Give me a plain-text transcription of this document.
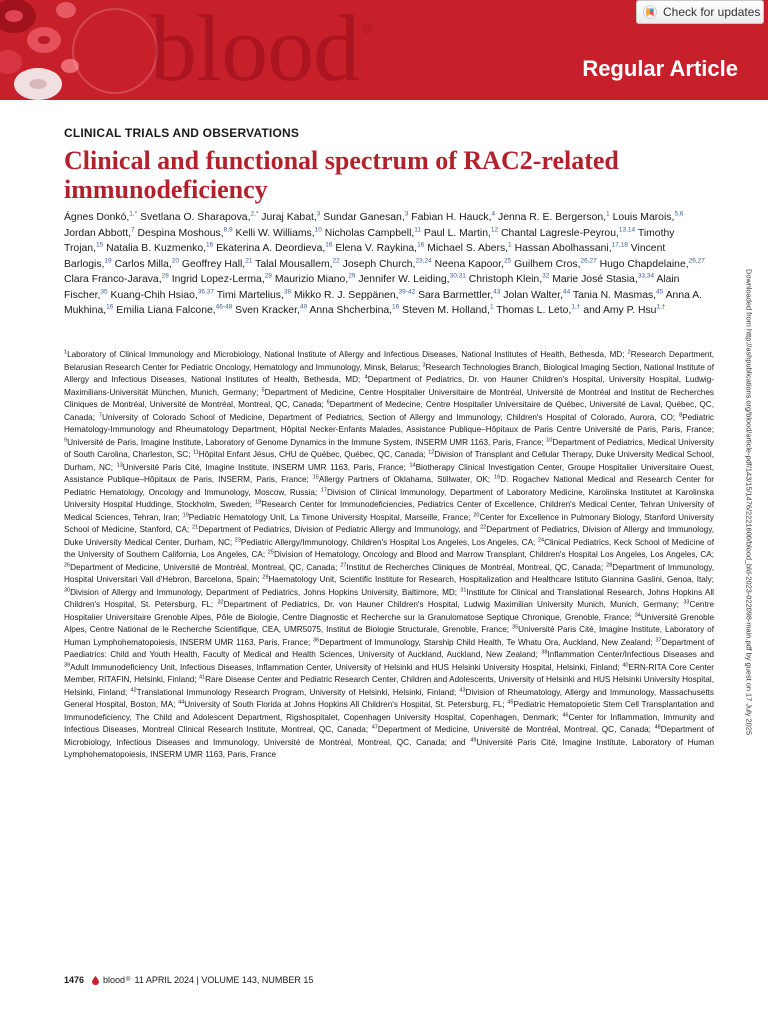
blood ®
Regular Article
Check for updates
CLINICAL TRIALS AND OBSERVATIONS
Clinical and functional spectrum of RAC2-related immunodeficiency
Ágnes Donkó,$^{1,*}$ Svetlana O. Sharapova,$^{2,*}$ Juraj Kabat,$^3$ Sundar Ganesan,$^3$ Fabian H. Hauck,$^4$ Jenna R. E. Bergerson,$^1$ Louis Marois,$^{5,6}$ Jordan Abbott,$^7$ Despina Moshous,$^{8,9}$ Kelli W. Williams,$^{10}$ Nicholas Campbell,$^{11}$ Paul L. Martin,$^{12}$ Chantal Lagresle-Peyrou,$^{13,14}$ Timothy Trojan,$^{15}$ Natalia B. Kuzmenko,$^{16}$ Ekaterina A. Deordieva,$^{16}$ Elena V. Raykina,$^{16}$ Michael S. Abers,$^1$ Hassan Abolhassani,$^{17,18}$ Vincent Barlogis,$^{19}$ Carlos Milla,$^{20}$ Geoffrey Hall,$^{21}$ Talal Mousallem,$^{22}$ Joseph Church,$^{23,24}$ Neena Kapoor,$^{25}$ Guilhem Cros,$^{26,27}$ Hugo Chapdelaine,$^{26,27}$ Clara Franco-Jarava,$^{28}$ Ingrid Lopez-Lerma,$^{28}$ Maurizio Miano,$^{29}$ Jennifer W. Leiding,$^{30,31}$ Christoph Klein,$^{32}$ Marie José Stasia,$^{33,34}$ Alain Fischer,$^{35}$ Kuang-Chih Hsiao,$^{36,37}$ Timi Martelius,$^{38}$ Mikko R. J. Seppänen,$^{39-42}$ Sara Barmettler,$^{43}$ Jolan Walter,$^{44}$ Tania N. Masmas,$^{45}$ Anna A. Mukhina,$^{16}$ Emilia Liana Falcone,$^{46-48}$ Sven Kracker,$^{49}$ Anna Shcherbina,$^{16}$ Steven M. Holland,$^1$ Thomas L. Leto,$^{1,\dagger}$ and Amy P. Hsu$^{1,\dagger}$
$^1$Laboratory of Clinical Immunology and Microbiology, National Institute of Allergy and Infectious Diseases, National Institutes of Health, Bethesda, MD; $^2$Research Department, Belarusian Research Center for Pediatric Oncology, Hematology and Immunology, Minsk, Belarus; $^3$Research Technologies Branch, Biological Imaging Section, National Institute of Allergy and Infectious Diseases, National Institutes of Health, Bethesda, MD; $^4$Department of Pediatrics, Dr. von Hauner Children's Hospital, University Hospital, Ludwig-Maximilians-Universität München, Munich, Germany; $^5$Department of Medicine, Centre Hospitalier Universitaire de Montréal, Université de Montréal and Institut de Recherches Cliniques de Montréal, Université de Montréal, Montreal, QC, Canada; $^6$Department of Medecine, Centre Hospitalier Universitaire de Québec, Université de Laval, Québec, QC, Canada; $^7$University of Colorado School of Medicine, Department of Pediatrics, Section of Allergy and Immunology, Children's Hospital of Colorado, Aurora, CO; $^8$Pediatric Hematology-Immunology and Rheumatology Department, Hôpital Necker-Enfants Malades, Assistance Publique–Hôpitaux de Paris Centre Université de Paris, Paris, France; $^9$Université de Paris, Imagine Institute, Laboratory of Genome Dynamics in the Immune System, INSERM UMR 1163, Paris, France; $^{10}$Department of Pediatrics, Medical University of South Carolina, Charleston, SC; $^{11}$Hôpital Enfant Jésus, CHU de Québec, Québec, QC, Canada; $^{12}$Division of Transplant and Cellular Therapy, Duke University Medical School, Durham, NC; $^{13}$Université Paris Cité, Imagine Institute, INSERM UMR 1163, Paris, France; $^{14}$Biotherapy Clinical Investigation Center, Groupe Hospitalier Universitaire Ouest, Assistance Publique–Hôpitaux de Paris, INSERM, Paris, France; $^{15}$Allergy Partners of Oklahama, Stillwater, OK; $^{16}$D. Rogachev National Medical and Research Center for Pediatric Hematology, Oncology and Immunology, Moscow, Russia; $^{17}$Division of Clinical Immunology, Department of Laboratory Medicine, Karolinska Institutet at Karolinska University Hospital Huddinge, Stockholm, Sweden; $^{18}$Research Center for Immunodeficiencies, Pediatrics Center of Excellence, Children's Medical Center, Tehran University of Medical Sciences, Tehran, Iran; $^{19}$Pediatric Hematology Unit, La Timone University Hospital, Marseille, France; $^{20}$Center for Excellence in Pulmonary Biology, Stanford University School of Medicine, Stanford, CA; $^{21}$Department of Pediatrics, Division of Pediatric Allergy and Immunology, and $^{22}$Department of Pediatrics, Division of Allergy and Immunology, Duke University Medical Center, Durham, NC; $^{23}$Pediatric Allergy/Immunology, Children's Hospital Los Angeles, Los Angeles, CA; $^{24}$Clinical Pediatrics, Keck School of Medicine of the University of Southern California, Los Angeles, CA; $^{25}$Division of Hematology, Oncology and Blood and Marrow Transplant, Children's Hospital Los Angeles, Los Angeles, CA; $^{26}$Department of Medicine, Université de Montréal, Montreal, QC, Canada; $^{27}$Institut de Recherches Cliniques de Montréal, Montreal, QC, Canada; $^{28}$Department of Immunology, Hospital Universitari Vall d'Hebron, Barcelona, Spain; $^{29}$Haematology Unit, Scientific Institute for Research, Hospitalization and Healthcare Istituto Giannina Gaslini, Genoa, Italy; $^{30}$Division of Allergy and Immunology, Department of Pediatrics, Johns Hopkins University, Baltimore, MD; $^{31}$Institute for Clinical and Translational Research, Johns Hopkins All Children's Hospital, St. Petersburg, FL; $^{32}$Department of Pediatrics, Dr. von Hauner Children's Hospital, Ludwig Maximilian University Munich, Munich, Germany; $^{33}$Centre Hospitalier Universitaire Grenoble Alpes, Pôle de Biologie, Centre Diagnostic et Recherche sur la Granulomatose Septique Chronique, Grenoble, France; $^{34}$Université Grenoble Alpes, Centre National de le Recherche Scientifique, CEA, UMR5075, Institut de Biologie Structurale, Grenoble, France; $^{35}$Université Paris Cité, Imagine Institute, Laboratory of Human Lymphohematopoiesis, INSERM UMR 1163, Paris, France; $^{36}$Department of Immunology, Starship Child Health, Te Whatu Ora, Auckland, New Zealand; $^{37}$Department of Paediatrics: Child and Youth Health, Faculty of Medical and Health Sciences, University of Auckland, Auckland, New Zealand; $^{38}$Inflammation Center/Infectious Diseases and $^{39}$Adult Immunodeficiency Unit, Infectious Diseases, Inflammation Center, University of Helsinki and HUS Helsinki University Hospital, Helsinki, Finland; $^{40}$ERN-RITA Core Center Member, RITAFIN, Helsinki, Finland; $^{41}$Rare Disease Center and Pediatric Research Center, Children and Adolescents, University of Helsinki and HUS Helsinki University Hospital, Helsinki, Finland; $^{42}$Translational Immunology Research Program, University of Helsinki, Helsinki, Finland; $^{43}$Division of Rheumatology, Allergy and Immunology, Massachusetts General Hospital, Boston, MA; $^{44}$University of South Florida at Johns Hopkins All Children's Hospital, St. Petersburg, FL; $^{45}$Pediatric Hematopoietic Stem Cell Transplantation and Immunodeficiency, The Child and Adolescent Department, Rigshospitalet, Copenhagen University Hospital, Copenhagen, Denmark; $^{46}$Center for Inflammation, Immunity and Infectious Diseases, Montreal Clinical Research Institute, Montreal, QC, Canada; $^{47}$Department of Medicine, Université de Montréal, Montreal, QC, Canada; $^{48}$Department of Microbiology, Infectious Diseases and Immunology, Université de Montréal, Montreal, QC, Canada; and $^{49}$Université Paris Cité, Imagine Institute, Laboratory of Human Lymphohematopoiesis, INSERM UMR 1163, Paris, France
Downloaded from http://ashpublications.org/blood/article-pdf/143/15/1476/2221600/blood_bld-2023-022098-main.pdf by guest on 17 July 2025
1476 blood ® 11 APRIL 2024 | VOLUME 143, NUMBER 15
